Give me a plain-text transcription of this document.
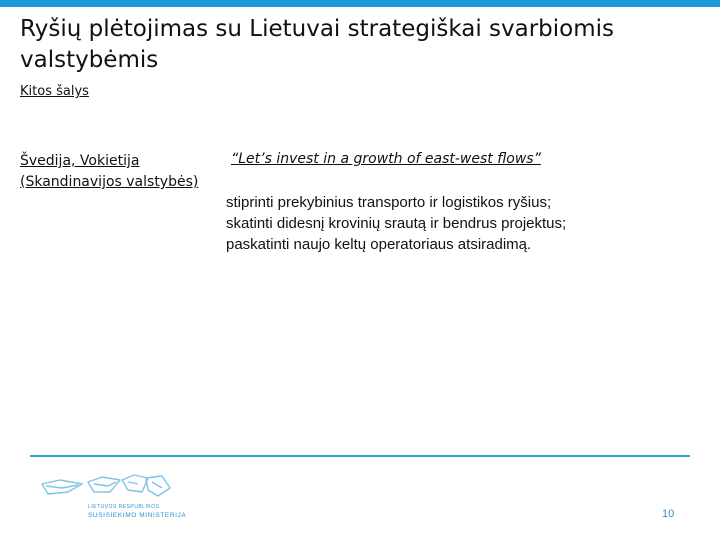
Ryšių plėtojimas su Lietuvai strategiškai svarbiomis valstybėmis
Kitos šalys
Švedija, Vokietija
(Skandinavijos valstybės)
“Let’s invest in a growth of east-west flows”
stiprinti prekybinius transporto ir logistikos ryšius;
skatinti didesnį krovinių srautą ir bendrus projektus;
paskatinti naujo keltų operatoriaus atsiradimą.
LIETUVOS RESPUBLIKOS
SUSISIEKIMO MINISTERIJA	10
